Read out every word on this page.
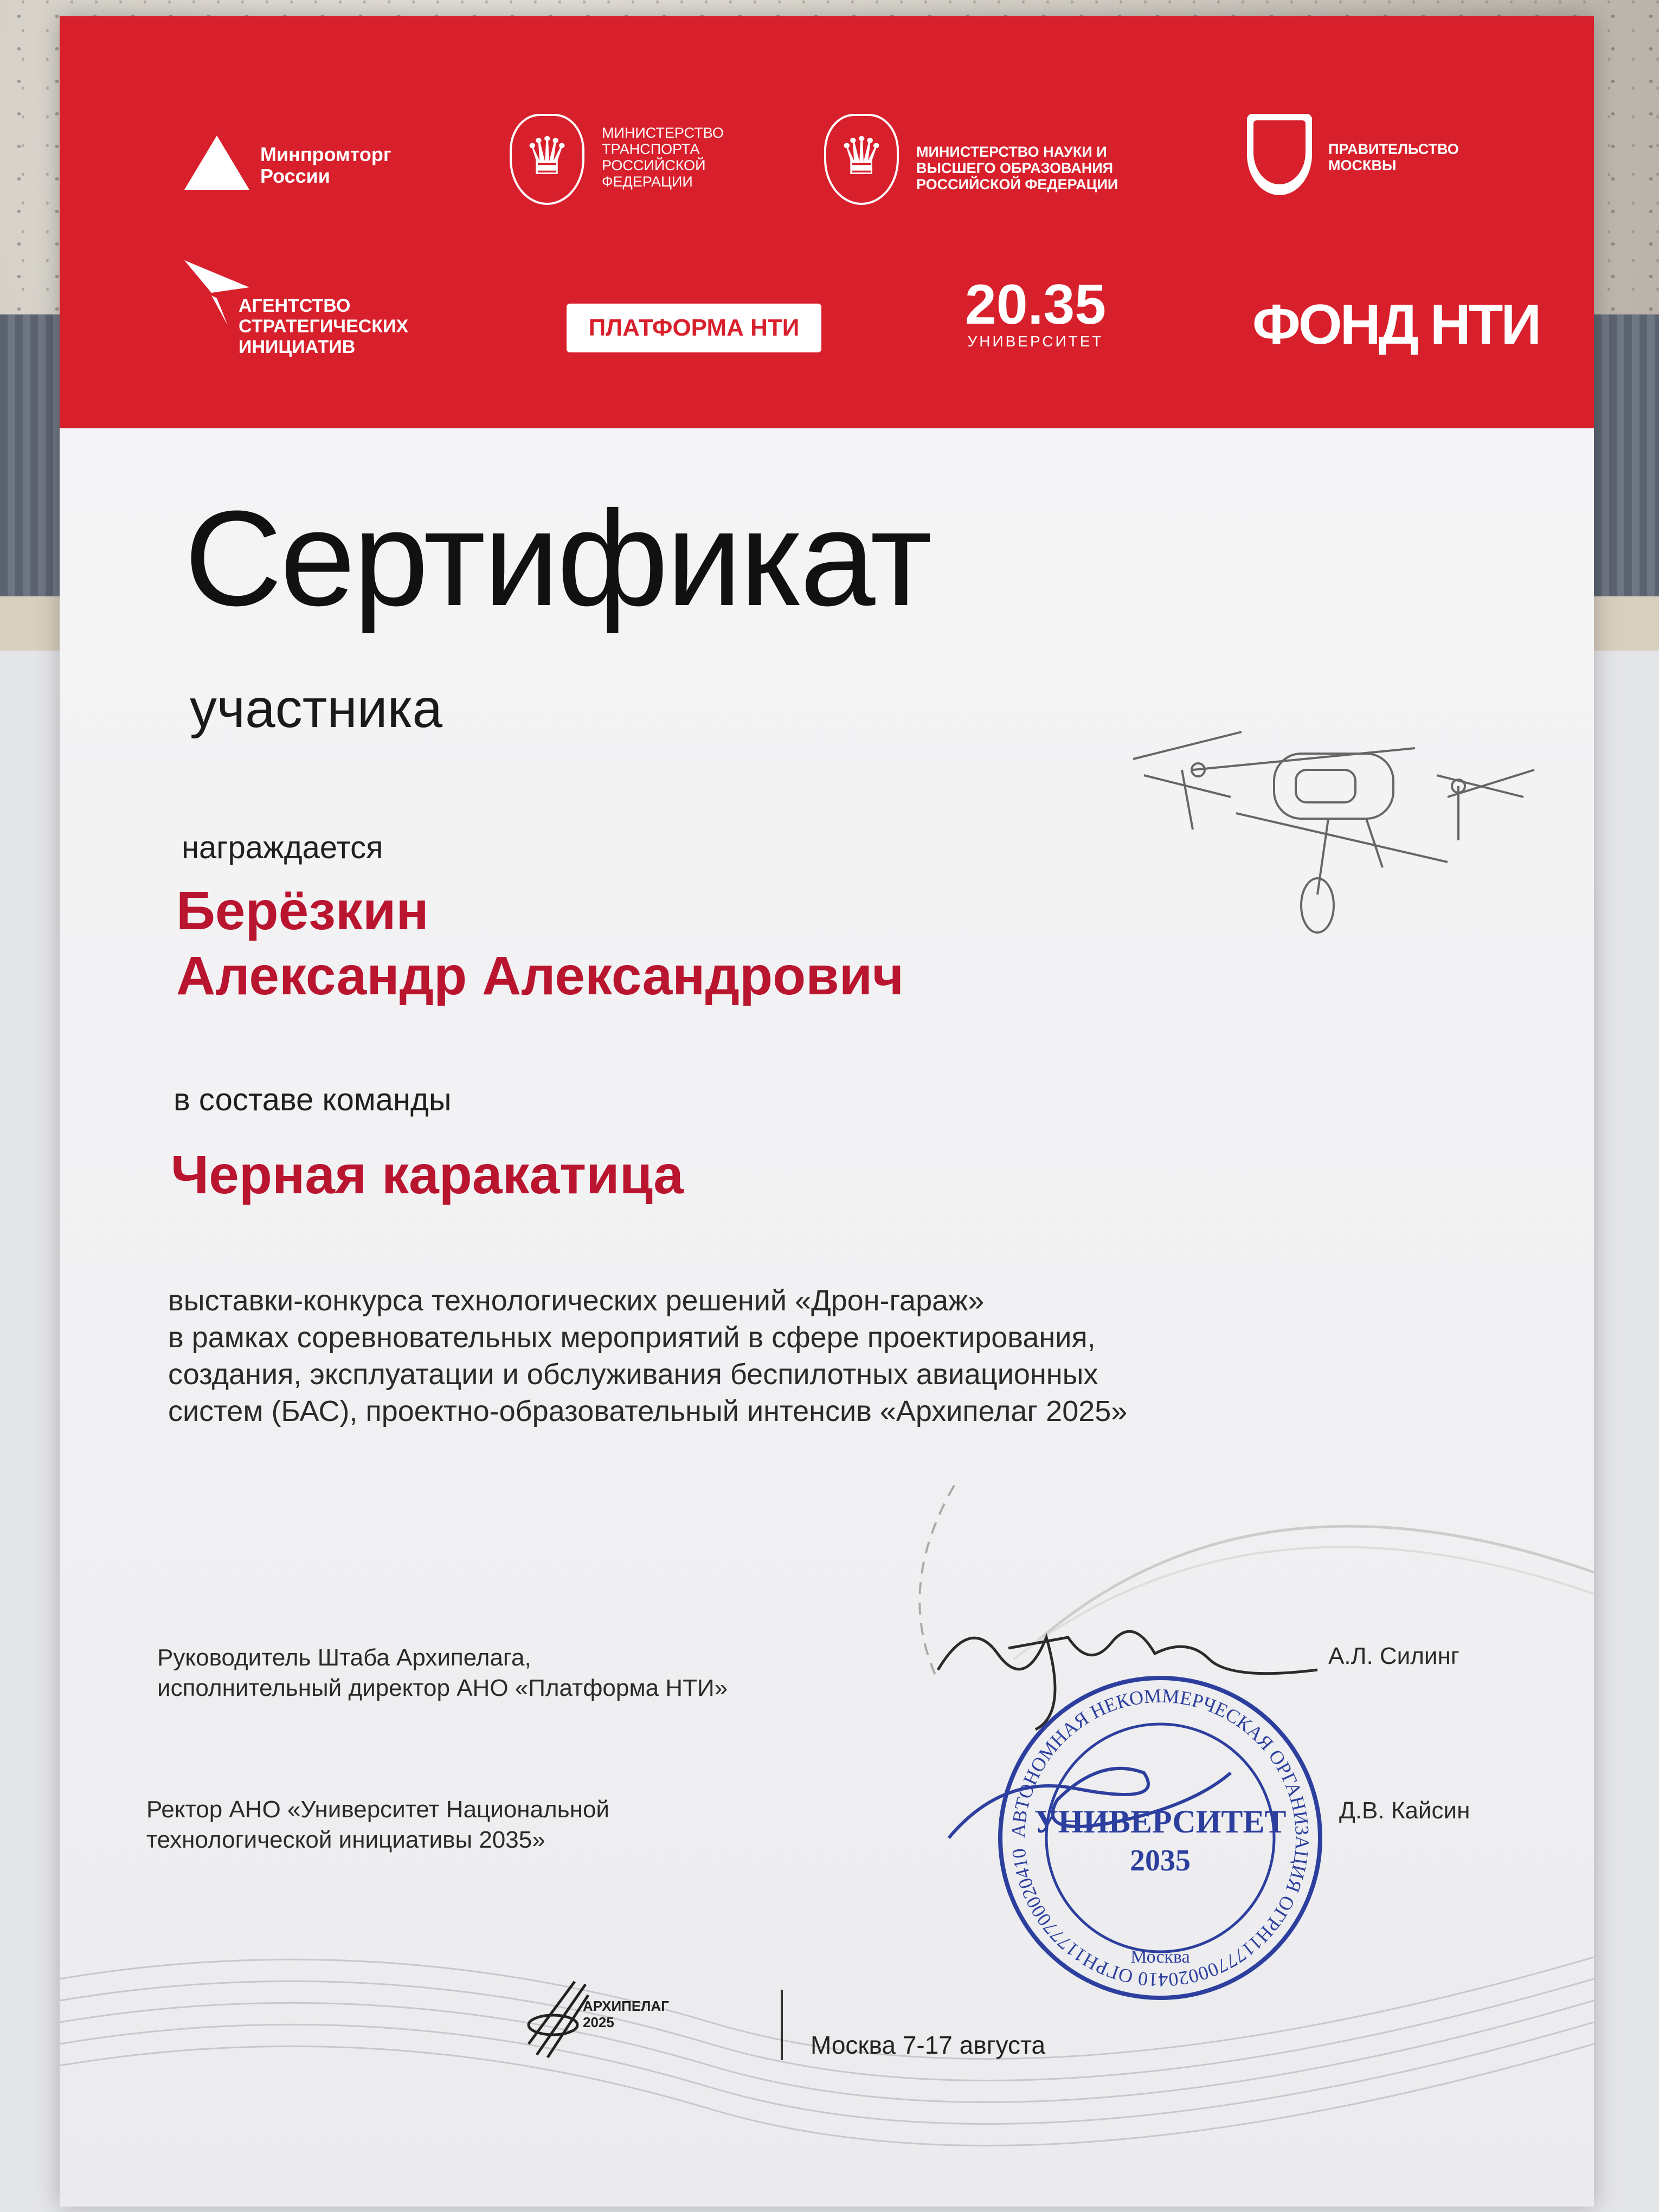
Минпромторг России	♛	МИНИСТЕРСТВО ТРАНСПОРТА РОССИЙСКОЙ ФЕДЕРАЦИИ	♛	МИНИСТЕРСТВО НАУКИ И ВЫСШЕГО ОБРАЗОВАНИЯ РОССИЙСКОЙ ФЕДЕРАЦИИ
ПРАВИТЕЛЬСТВО МОСКВЫ
АГЕНТСТВО СТРАТЕГИЧЕСКИХ ИНИЦИАТИВ
ПЛАТФОРМА НТИ	20.35
УНИВЕРСИТЕТ	ФОНД НТИ
Сертификат
участника
награждается
Берёзкин
Александр Александрович
в составе команды
Черная каракатица
выставки-конкурса технологических решений «Дрон-гараж»
в рамках соревновательных мероприятий в сфере проектирования,
создания, эксплуатации и обслуживания беспилотных авиационных
систем (БАС), проектно-образовательный интенсив «Архипелаг 2025»
Руководитель Штаба Архипелага,
исполнительный директор АНО «Платформа НТИ»
А.Л. Силинг
Ректор АНО «Университет Национальной
технологической инициативы 2035»
Д.В. Кайсин
АВТОНОМНАЯ НЕКОММЕРЧЕСКАЯ ОРГАНИЗАЦИЯ ОГРН1177700020410 ОГРН1177700020410
УНИВЕРСИТЕТ
2035
Москва
АРХИПЕЛАГ
2025
Москва 7-17 августа
